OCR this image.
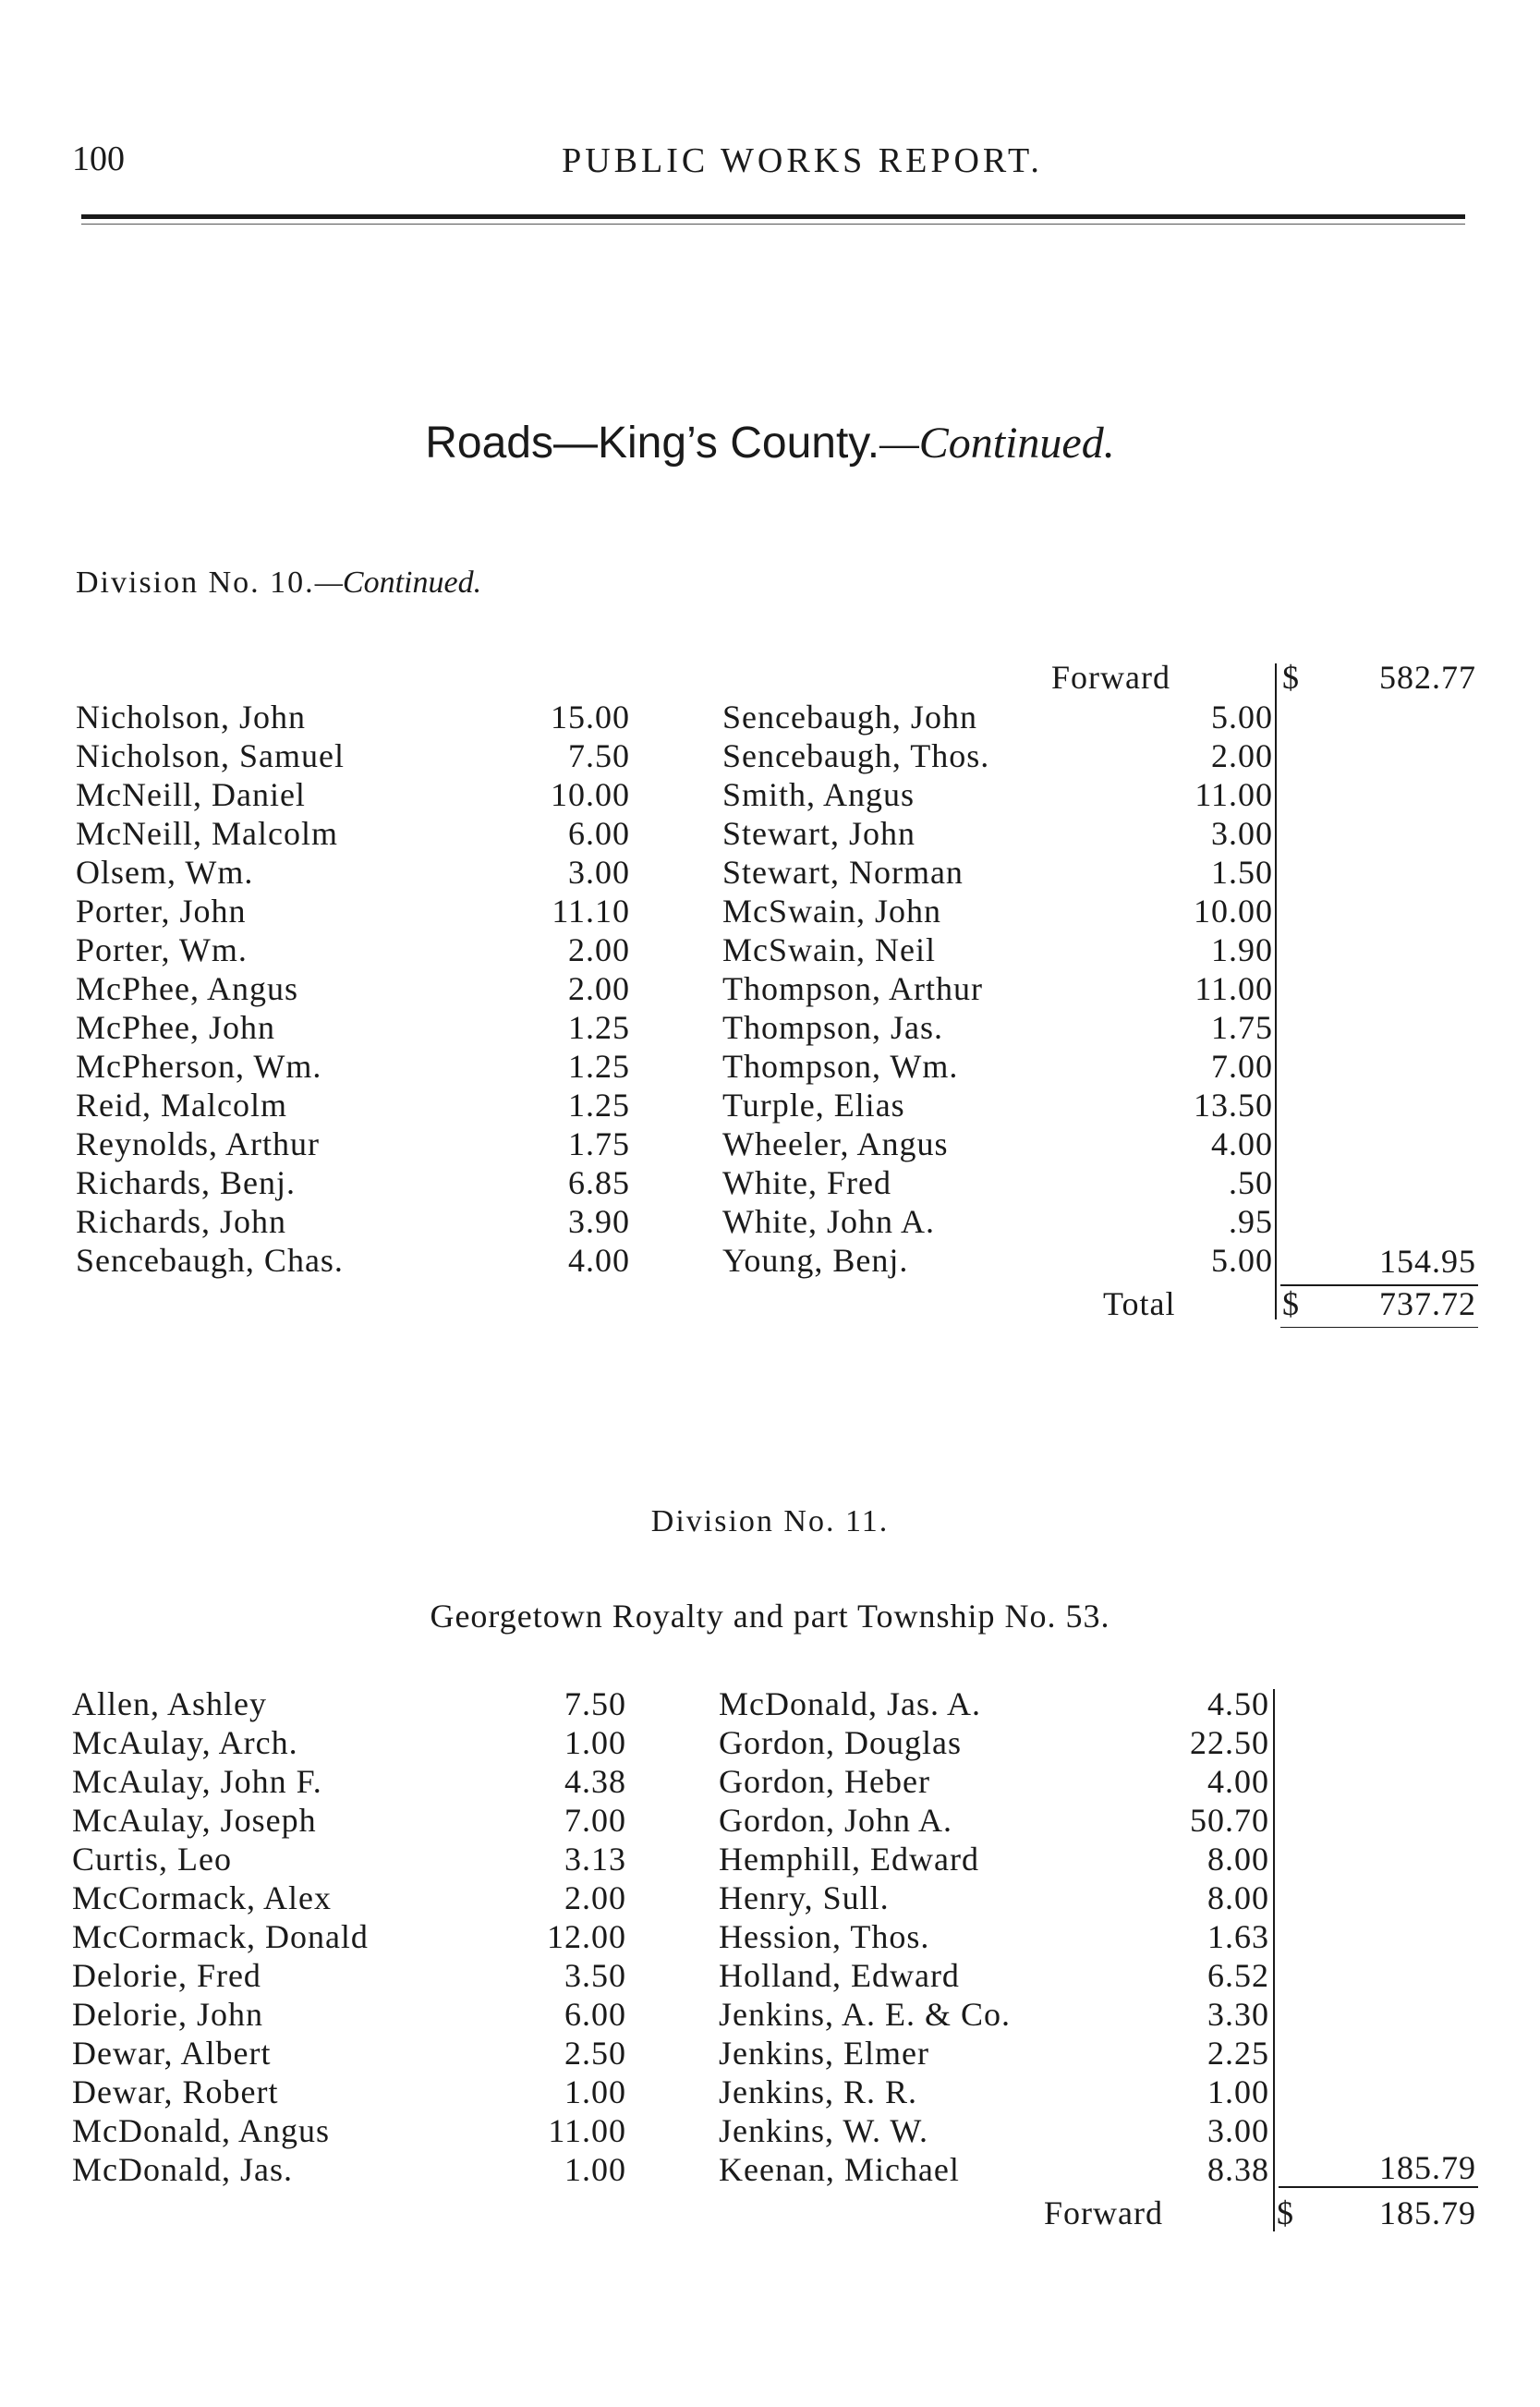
100	PUBLIC WORKS REPORT.
Roads—King’s County.—Continued.
Division No. 10.—Continued.
Forward	$	582.77
Nicholson, John	15.00
Nicholson, Samuel	7.50
McNeill, Daniel	10.00
McNeill, Malcolm	6.00
Olsem, Wm.	3.00
Porter, John	11.10
Porter, Wm.	2.00
McPhee, Angus	2.00
McPhee, John	1.25
McPherson, Wm.	1.25
Reid, Malcolm	1.25
Reynolds, Arthur	1.75
Richards, Benj.	6.85
Richards, John	3.90
Sencebaugh, Chas.	4.00
Sencebaugh, John	5.00
Sencebaugh, Thos.	2.00
Smith, Angus	11.00
Stewart, John	3.00
Stewart, Norman	1.50
McSwain, John	10.00
McSwain, Neil	1.90
Thompson, Arthur	11.00
Thompson, Jas.	1.75
Thompson, Wm.	7.00
Turple, Elias	13.50
Wheeler, Angus	4.00
White, Fred	.50
White, John A.	.95
Young, Benj.	5.00	154.95
Total	$	737.72
Division No. 11.
Georgetown Royalty and part Township No. 53.
Allen, Ashley	7.50
McAulay, Arch.	1.00
McAulay, John F.	4.38
McAulay, Joseph	7.00
Curtis, Leo	3.13
McCormack, Alex	2.00
McCormack, Donald	12.00
Delorie, Fred	3.50
Delorie, John	6.00
Dewar, Albert	2.50
Dewar, Robert	1.00
McDonald, Angus	11.00
McDonald, Jas.	1.00
McDonald, Jas. A.	4.50
Gordon, Douglas	22.50
Gordon, Heber	4.00
Gordon, John A.	50.70
Hemphill, Edward	8.00
Henry, Sull.	8.00
Hession, Thos.	1.63
Holland, Edward	6.52
Jenkins, A. E. & Co.	3.30
Jenkins, Elmer	2.25
Jenkins, R. R.	1.00
Jenkins, W. W.	3.00
Keenan, Michael	8.38	185.79
Forward	$	185.79
